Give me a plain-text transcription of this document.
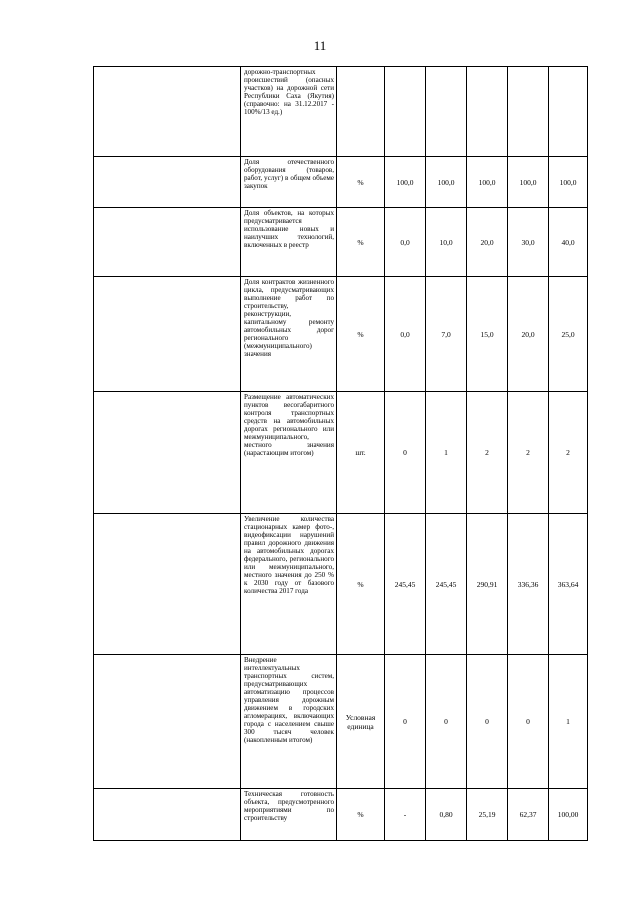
11
	дорожно-транспортных происшествий (опасных участков) на дорожной сети Республики Саха (Якутия) (справочно: на 31.12.2017 - 100%/13 ед.)						
	Доля отечественного оборудования (товаров, работ, услуг) в общем объеме закупок	%	100,0	100,0	100,0	100,0	100,0
	Доля объектов, на которых предусматривается использование новых и наилучших технологий, включенных в реестр	%	0,0	10,0	20,0	30,0	40,0
	Доля контрактов жизненного цикла, предусматривающих выполнение работ по строительству, реконструкции, капитальному ремонту автомобильных дорог регионального (межмуниципального) значения	%	0,0	7,0	15,0	20,0	25,0
	Размещение автоматических пунктов весогабаритного контроля транспортных средств на автомобильных дорогах регионального или межмуниципального, местного значения (нарастающим итогом)	шт.	0	1	2	2	2
	Увеличение количества стационарных камер фото-, видеофиксации нарушений правил дорожного движения на автомобильных дорогах федерального, регионального или межмуниципального, местного значения до 250 % к 2030 году от базового количества 2017 года	%	245,45	245,45	290,91	336,36	363,64
	Внедрение интеллектуальных транспортных систем, предусматривающих автоматизацию процессов управления дорожным движением в городских агломерациях, включающих города с населением свыше 300 тысяч человек (накопленным итогом)	Условная единица	0	0	0	0	1
	Техническая готовность объекта, предусмотренного мероприятиями по строительству	%	-	0,80	25,19	62,37	100,00
